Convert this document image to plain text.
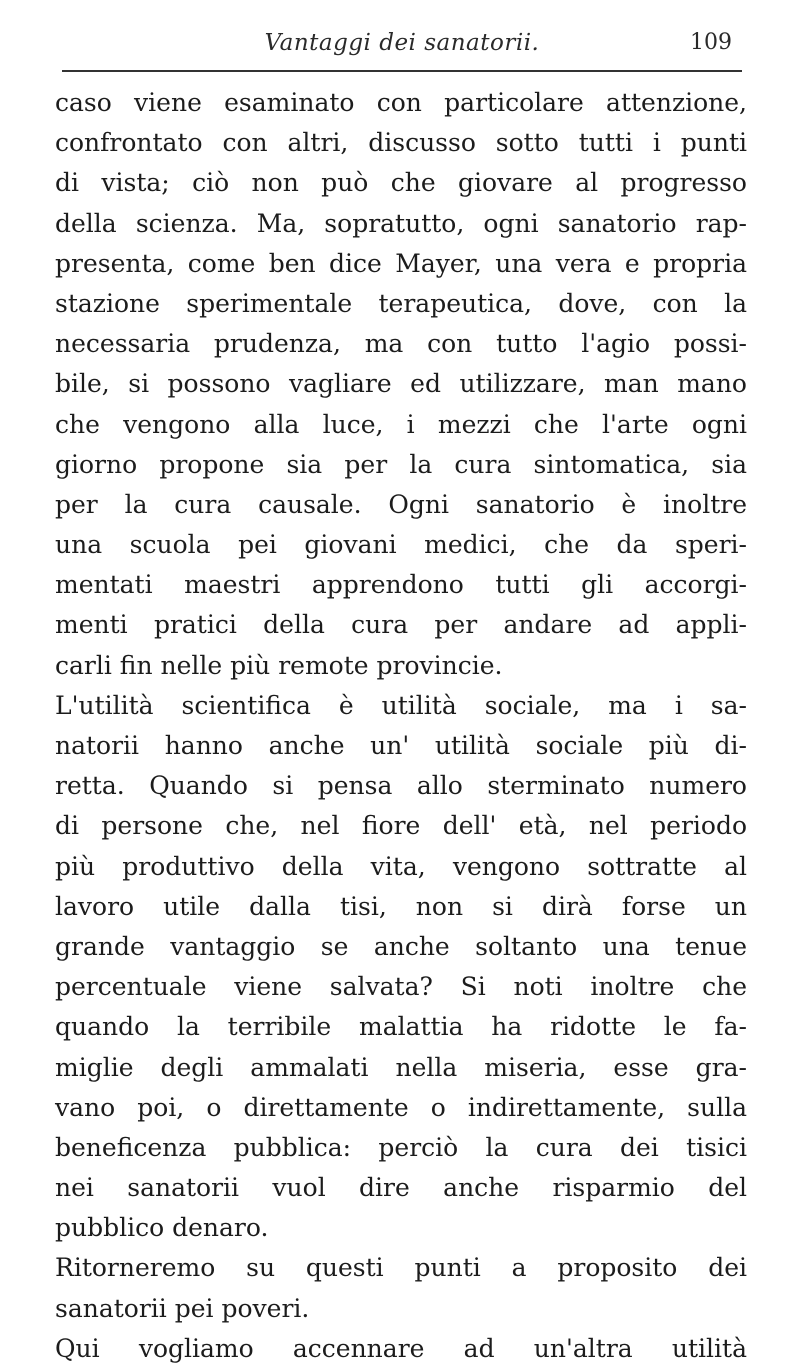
Vantaggi dei sanatorii.	109
caso viene esaminato con particolare attenzione,
confrontato con altri, discusso sotto tutti i punti
di vista; ciò non può che giovare al progresso
della scienza. Ma, sopratutto, ogni sanatorio rap-
presenta, come ben dice Mayer, una vera e propria
stazione sperimentale terapeutica, dove, con la
necessaria prudenza, ma con tutto l'agio possi-
bile, si possono vagliare ed utilizzare, man mano
che vengono alla luce, i mezzi che l'arte ogni
giorno propone sia per la cura sintomatica, sia
per la cura causale. Ogni sanatorio è inoltre
una scuola pei giovani medici, che da speri-
mentati maestri apprendono tutti gli accorgi-
menti pratici della cura per andare ad appli-
carli fin nelle più remote provincie.
L'utilità scientifica è utilità sociale, ma i sa-
natorii hanno anche un' utilità sociale più di-
retta. Quando si pensa allo sterminato numero
di persone che, nel fiore dell' età, nel periodo
più produttivo della vita, vengono sottratte al
lavoro utile dalla tisi, non si dirà forse un
grande vantaggio se anche soltanto una tenue
percentuale viene salvata? Si noti inoltre che
quando la terribile malattia ha ridotte le fa-
miglie degli ammalati nella miseria, esse gra-
vano poi, o direttamente o indirettamente, sulla
beneficenza pubblica: perciò la cura dei tisici
nei sanatorii vuol dire anche risparmio del
pubblico denaro.
Ritorneremo su questi punti a proposito dei
sanatorii pei poveri.
Qui vogliamo accennare ad un'altra utilità
